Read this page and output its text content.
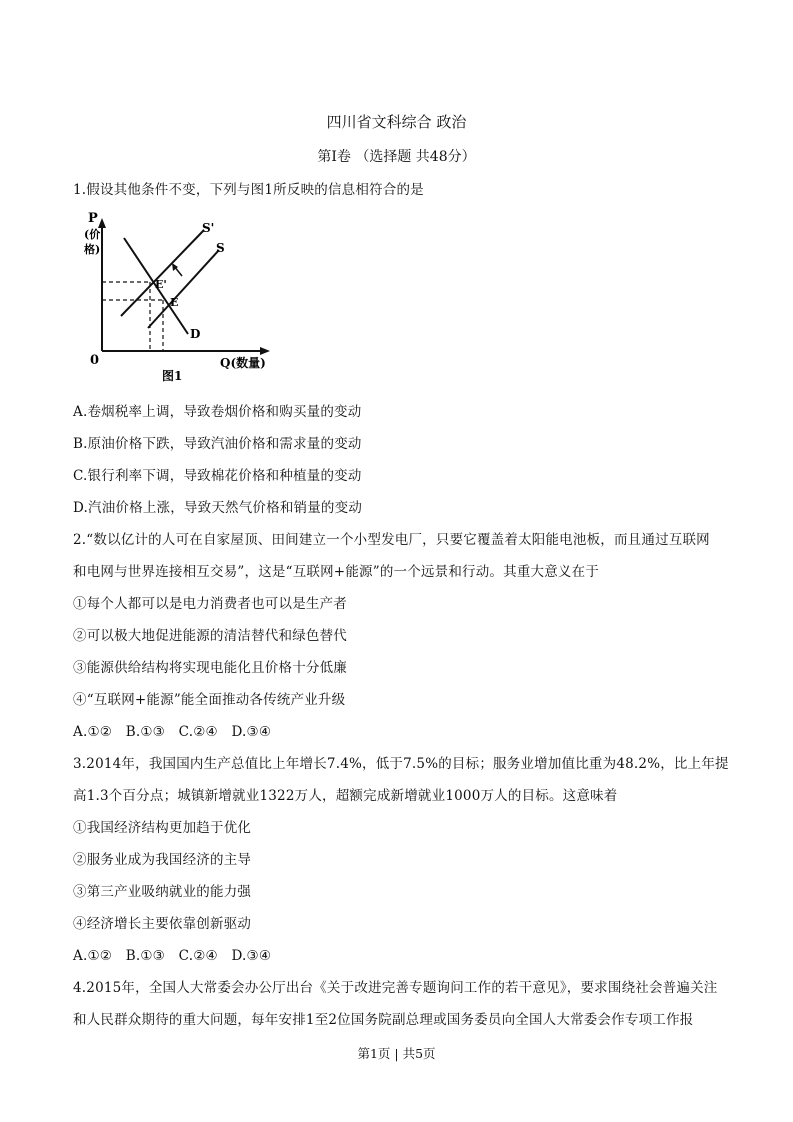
四川省文科综合 政治
第Ⅰ卷 （选择题 共48分）
1.假设其他条件不变，下列与图1所反映的信息相符合的是
P
(价
格)
0	Q(数量)
S'
S
D
E'
E
图1
A.卷烟税率上调，导致卷烟价格和购买量的变动
B.原油价格下跌，导致汽油价格和需求量的变动
C.银行利率下调，导致棉花价格和种植量的变动
D.汽油价格上涨，导致天然气价格和销量的变动
2.“数以亿计的人可在自家屋顶、田间建立一个小型发电厂，只要它覆盖着太阳能电池板，而且通过互联网
和电网与世界连接相互交易”，这是“互联网+能源”的一个远景和行动。其重大意义在于
①每个人都可以是电力消费者也可以是生产者
②可以极大地促进能源的清洁替代和绿色替代
③能源供给结构将实现电能化且价格十分低廉
④“互联网+能源”能全面推动各传统产业升级
A.①②　B.①③　C.②④　D.③④
3.2014年，我国国内生产总值比上年增长7.4%，低于7.5%的目标；服务业增加值比重为48.2%，比上年提
高1.3个百分点；城镇新增就业1322万人，超额完成新增就业1000万人的目标。这意味着
①我国经济结构更加趋于优化
②服务业成为我国经济的主导
③第三产业吸纳就业的能力强
④经济增长主要依靠创新驱动
A.①②　B.①③　C.②④　D.③④
4.2015年，全国人大常委会办公厅出台《关于改进完善专题询问工作的若干意见》，要求围绕社会普遍关注
和人民群众期待的重大问题，每年安排1至2位国务院副总理或国务委员向全国人大常委会作专项工作报
第1页 | 共5页
